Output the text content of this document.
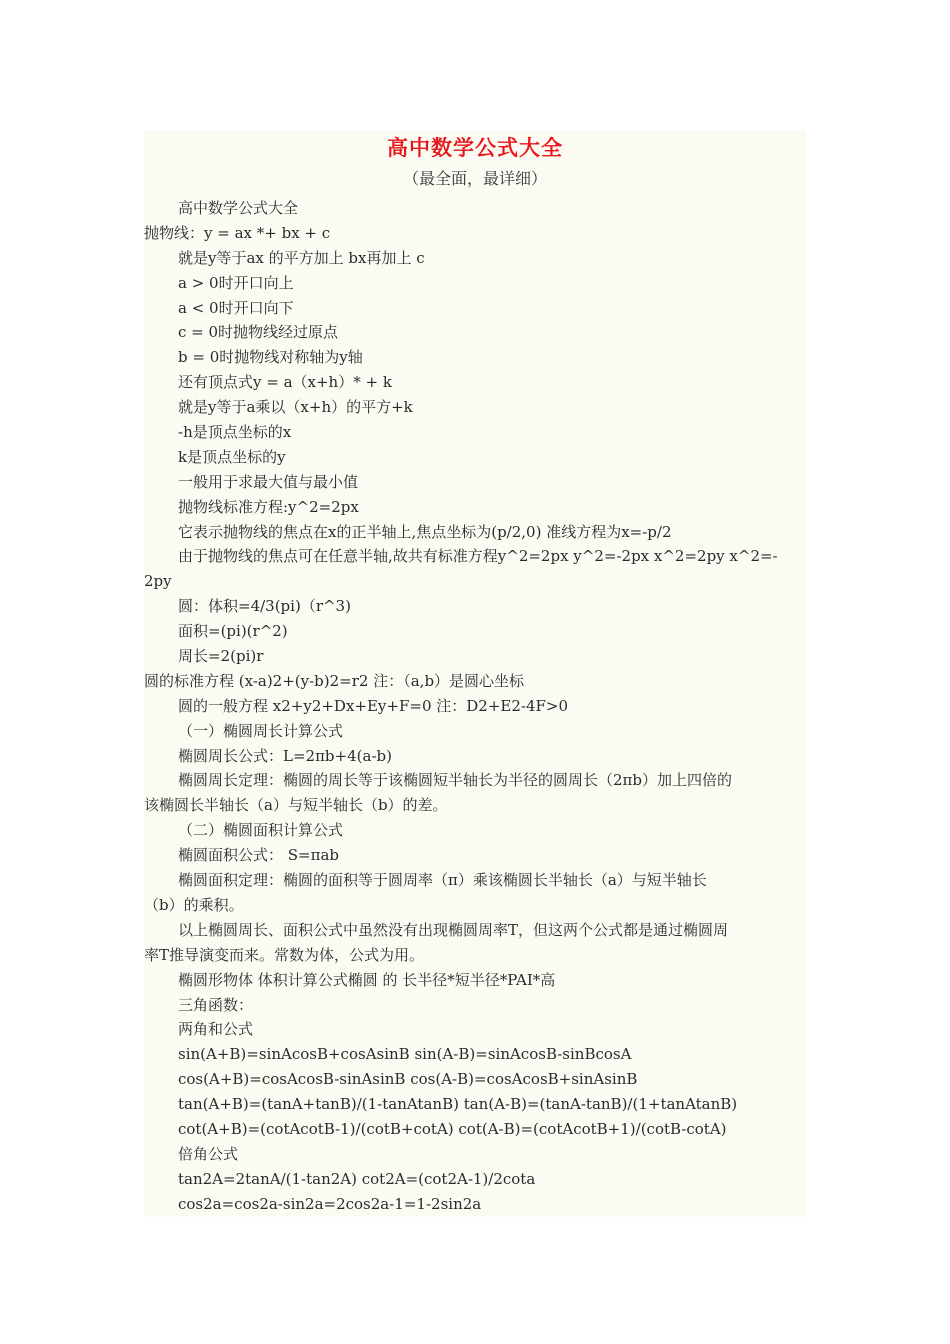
高中数学公式大全
（最全面，最详细）
高中数学公式大全
抛物线：y = ax *+ bx + c
就是y等于ax 的平方加上 bx再加上 c
a > 0时开口向上
a < 0时开口向下
c = 0时抛物线经过原点
b = 0时抛物线对称轴为y轴
还有顶点式y = a（x+h）* + k
就是y等于a乘以（x+h）的平方+k
-h是顶点坐标的x
k是顶点坐标的y
一般用于求最大值与最小值
抛物线标准方程:y^2=2px
它表示抛物线的焦点在x的正半轴上,焦点坐标为(p/2,0) 准线方程为x=-p/2
由于抛物线的焦点可在任意半轴,故共有标准方程y^2=2px y^2=-2px x^2=2py x^2=-
2py
圆：体积=4/3(pi)（r^3)
面积=(pi)(r^2)
周长=2(pi)r
圆的标准方程 (x-a)2+(y-b)2=r2 注：（a,b）是圆心坐标
圆的一般方程 x2+y2+Dx+Ey+F=0 注：D2+E2-4F>0
（一）椭圆周长计算公式
椭圆周长公式：L=2πb+4(a-b)
椭圆周长定理：椭圆的周长等于该椭圆短半轴长为半径的圆周长（2πb）加上四倍的
该椭圆长半轴长（a）与短半轴长（b）的差。
（二）椭圆面积计算公式
椭圆面积公式： S=πab
椭圆面积定理：椭圆的面积等于圆周率（π）乘该椭圆长半轴长（a）与短半轴长
（b）的乘积。
以上椭圆周长、面积公式中虽然没有出现椭圆周率T，但这两个公式都是通过椭圆周
率T推导演变而来。常数为体，公式为用。
椭圆形物体 体积计算公式椭圆 的 长半径*短半径*PAI*高
三角函数：
两角和公式
sin(A+B)=sinAcosB+cosAsinB sin(A-B)=sinAcosB-sinBcosA
cos(A+B)=cosAcosB-sinAsinB cos(A-B)=cosAcosB+sinAsinB
tan(A+B)=(tanA+tanB)/(1-tanAtanB) tan(A-B)=(tanA-tanB)/(1+tanAtanB)
cot(A+B)=(cotAcotB-1)/(cotB+cotA) cot(A-B)=(cotAcotB+1)/(cotB-cotA)
倍角公式
tan2A=2tanA/(1-tan2A) cot2A=(cot2A-1)/2cota
cos2a=cos2a-sin2a=2cos2a-1=1-2sin2a
